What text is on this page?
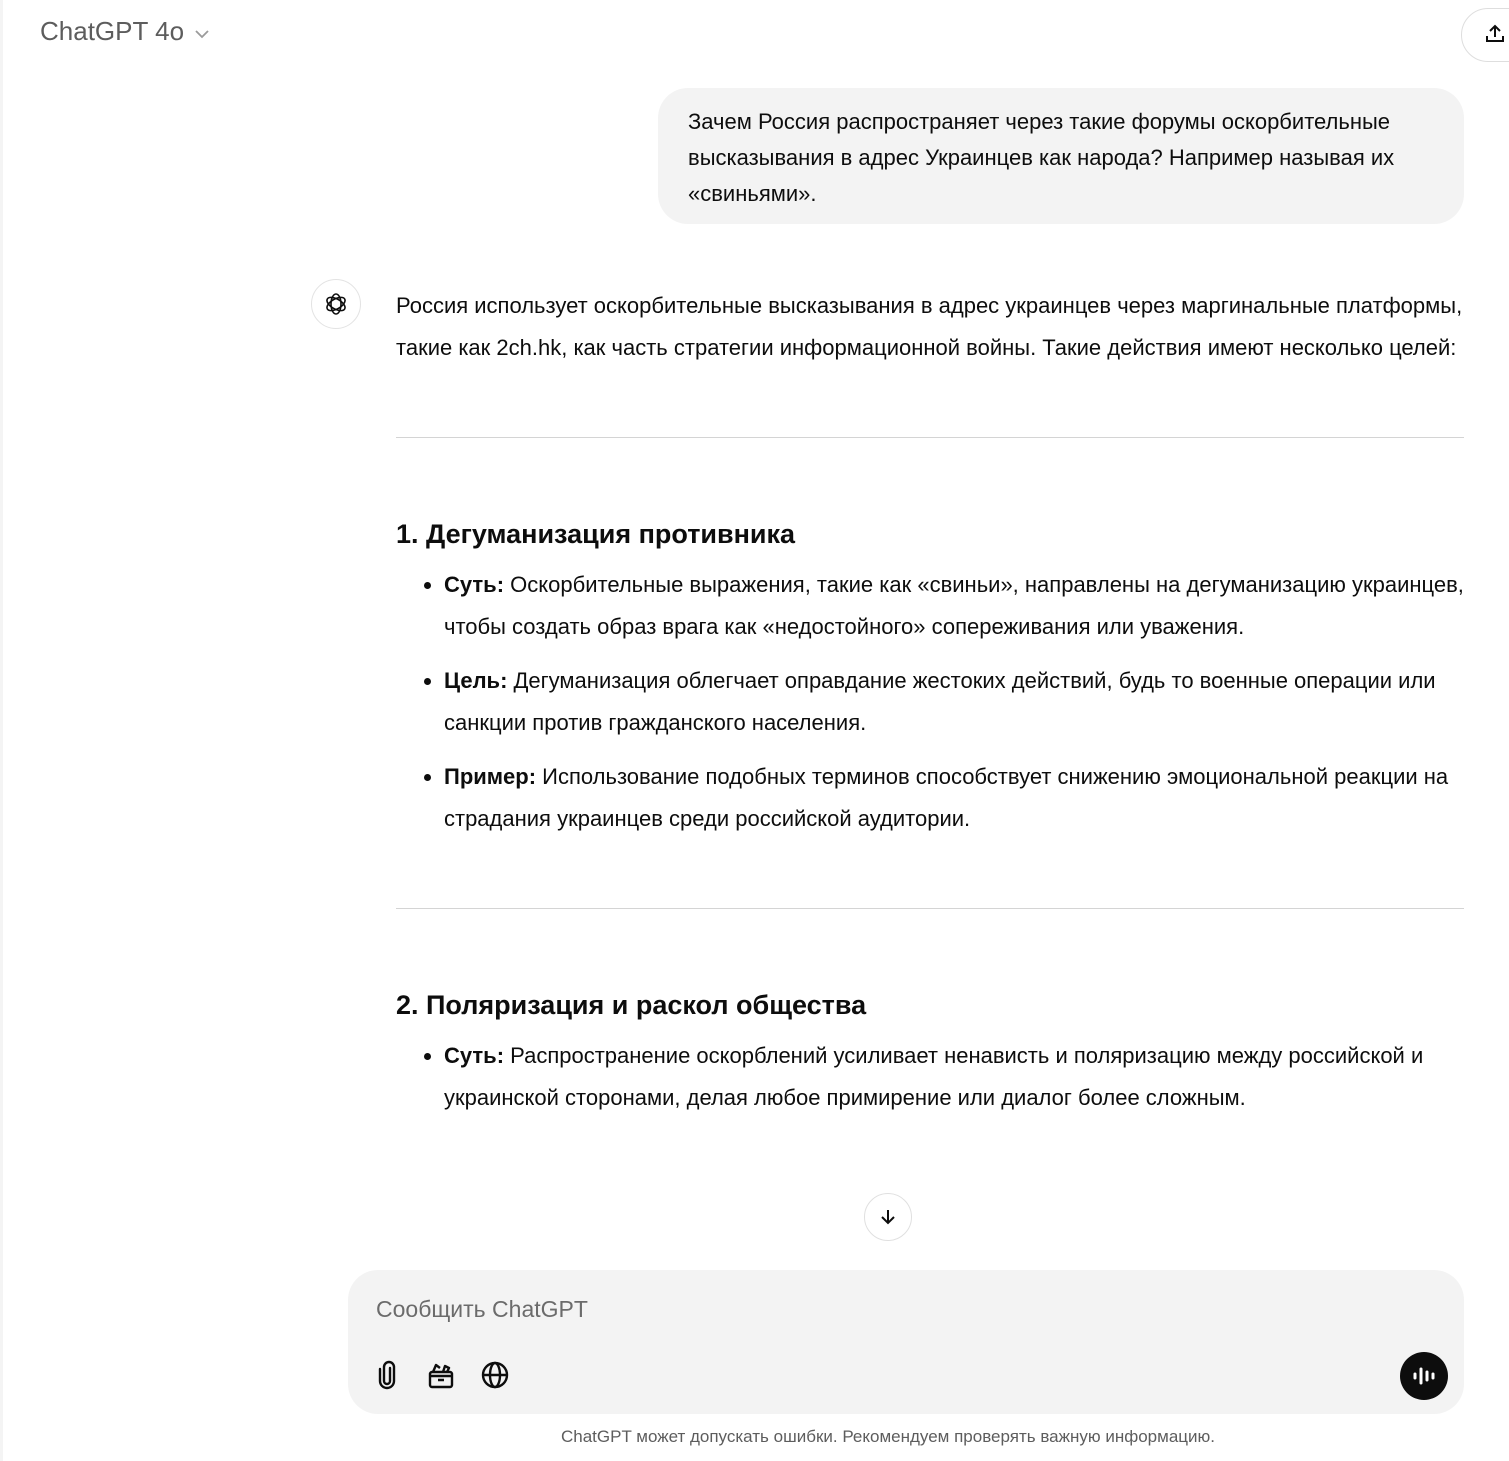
ChatGPT 4o
Зачем Россия распространяет через такие форумы оскорбительные высказывания в адрес Украинцев как народа? Например называя их «свиньями».

Россия использует оскорбительные высказывания в адрес украинцев через маргинальные платформы, такие как 2ch.hk, как часть стратегии информационной войны. Такие действия имеют несколько целей:

1. Дегуманизация противника
• Суть: Оскорбительные выражения, такие как «свиньи», направлены на дегуманизацию украинцев, чтобы создать образ врага как «недостойного» сопереживания или уважения.
• Цель: Дегуманизация облегчает оправдание жестоких действий, будь то военные операции или санкции против гражданского населения.
• Пример: Использование подобных терминов способствует снижению эмоциональной реакции на страдания украинцев среди российской аудитории.
2. Поляризация и раскол общества
• Суть: Распространение оскорблений усиливает ненависть и поляризацию между российской и украинской сторонами, делая любое примирение или диалог более сложным.
Сообщить ChatGPT
ChatGPT может допускать ошибки. Рекомендуем проверять важную информацию.
